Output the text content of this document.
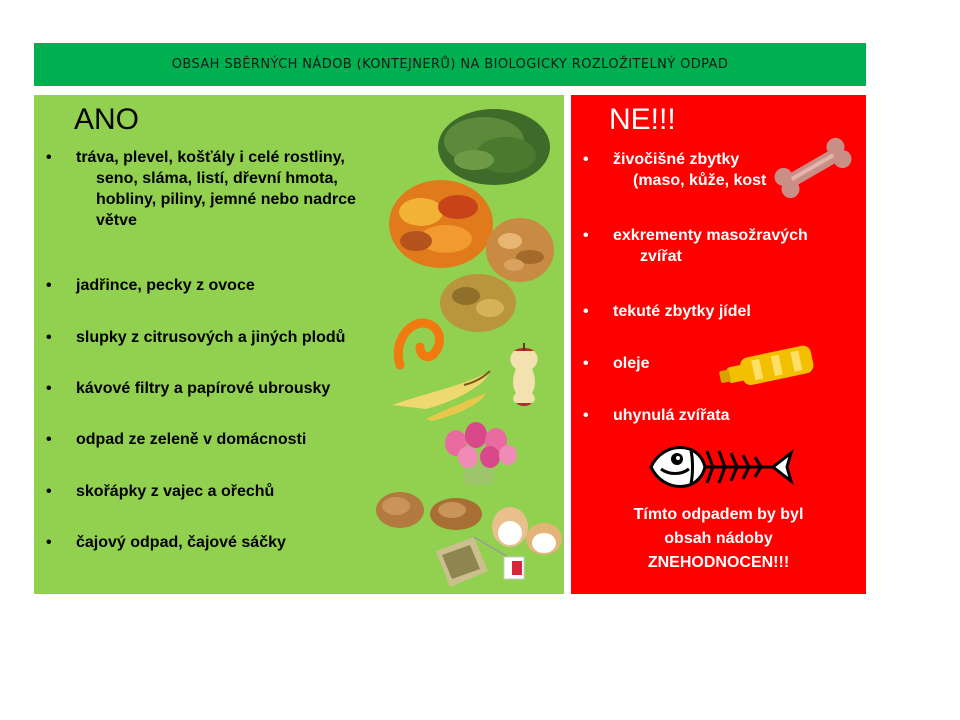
OBSAH SBĚRNÝCH NÁDOB (KONTEJNERŮ) NA BIOLOGICKY ROZLOŽITELNÝ ODPAD
ANO
• tráva, plevel, košťály i celé rostliny,
seno, sláma, listí, dřevní hmota,
hobliny, piliny, jemné nebo nadrce
větve
• jadřince, pecky z ovoce
• slupky z citrusových a jiných plodů
• kávové filtry a papírové ubrousky
• odpad ze zeleně v domácnosti
• skořápky z vajec a ořechů
• čajový odpad, čajové sáčky
NE!!!
• živočišné zbytky
(maso, kůže, kost
• exkrementy masožravých
zvířat
• tekuté zbytky jídel
• oleje
• uhynulá zvířata
Tímto odpadem by byl
obsah nádoby
ZNEHODNOCEN!!!
